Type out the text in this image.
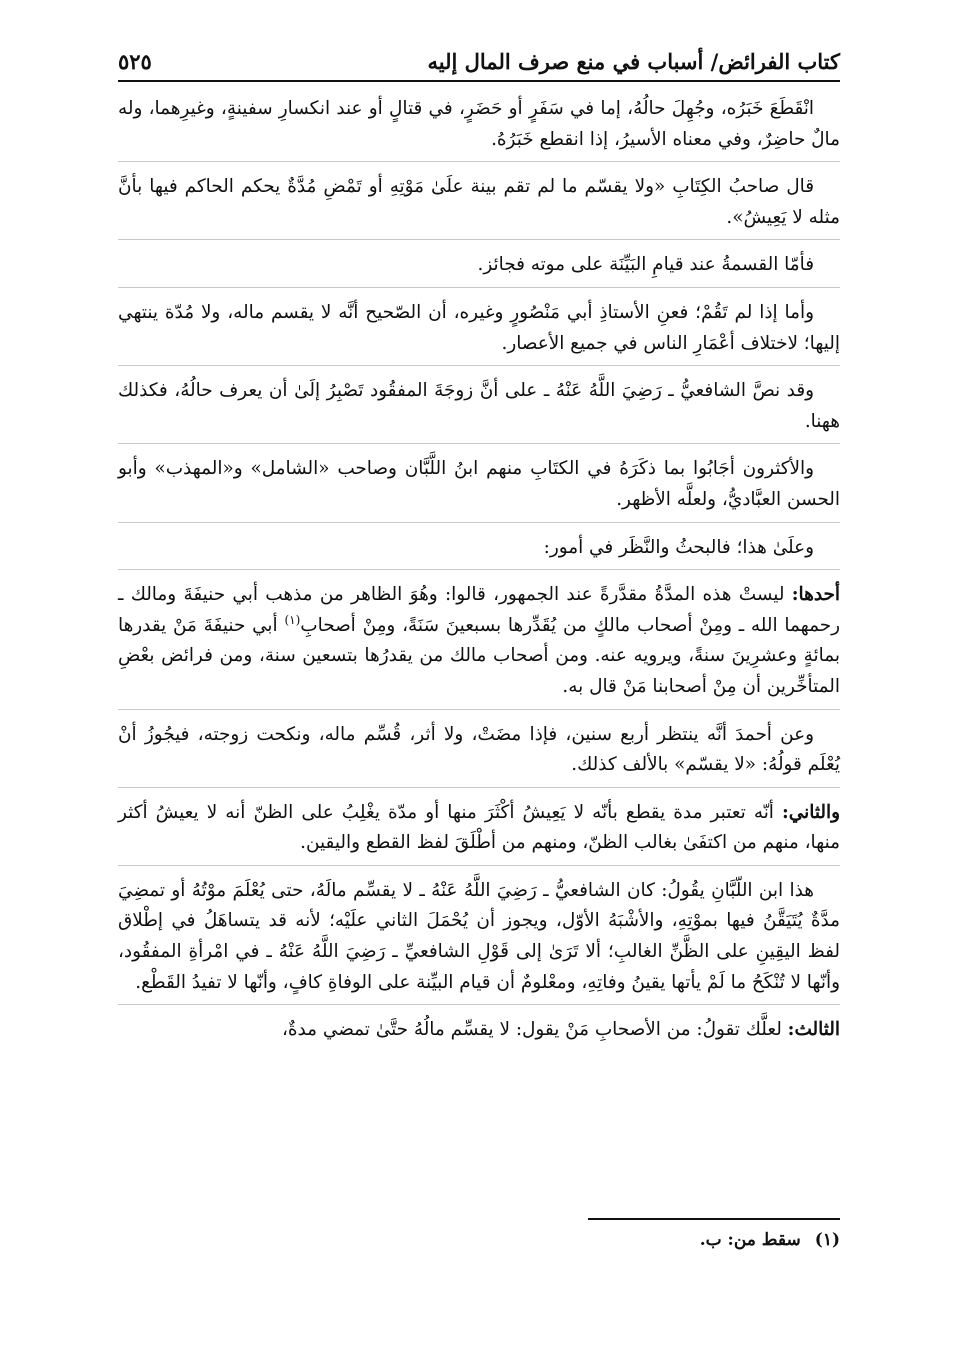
كتاب الفرائض/ أسباب في منع صرف المال إليه
٥٢٥

انْقَطَعَ خَبَرُه، وجُهِلَ حالُهُ، إما في سَفَرٍ أو حَضَرٍ، في قتالٍ أو عند انكسارِ سفينةٍ، وغيرِهما، وله مالٌ حاضِرٌ، وفي معناه الأسيرُ، إذا انقطع خَبَرُهُ.

قال صاحبُ الكِتَابِ «ولا يقسّم ما لم تقم بينة علَىٰ مَوْتِهِ أو تَمْضِ مُدَّةٌ يحكم الحاكم فيها بأنَّ مثله لا يَعِيشُ».

فأمّا القسمةُ عند قيامِ البَيِّنَة على موته فجائز.

وأما إذا لم تَقُمْ؛ فعنِ الأستاذِ أبي مَنْصُورٍ وغيره، أن الصّحيح أنَّه لا يقسم ماله، ولا مُدّة ينتهي إليها؛ لاختلاف أعْمَارِ الناس في جميع الأعصار.

وقد نصَّ الشافعيُّ ـ رَضِيَ اللَّهُ عَنْهُ ـ على أنَّ زوجَةَ المفقُود تَصْبِرُ إلَىٰ أن يعرف حالُهُ، فكذلك ههنا.

والأكثرون أجَابُوا بما ذكَرَهُ في الكتَابِ منهم ابنُ اللَّبَّان وصاحب «الشامل» و«المهذب» وأبو الحسن العبَّاديُّ، ولعلَّه الأظهر.

وعلَىٰ هذا؛ فالبحثُ والنَّظَر في أمور:

أحدها: ليستْ هذه المدَّةُ مقدَّرةً عند الجمهور، قالوا: وهُوَ الظاهر من مذهب أبي حنيفَةَ ومالك ـ رحمهما الله ـ ومِنْ أصحاب مالكٍ من يُقَدِّرها بسبعينَ سَنَةً، ومِنْ أصحابِ$^{(١)}$ أبي حنيفَةَ مَنْ يقدرها بمائةٍ وعشرِينَ سنةً، ويرويه عنه. ومن أصحاب مالك من يقدرُها بتسعين سنة، ومن فرائض بعْضِ المتأخِّرين أن مِنْ أصحابنا مَنْ قال به.

وعن أحمدَ أنَّه ينتظر أربع سنين، فإذا مضَتْ، ولا أثر، قُسِّم ماله، ونكحت زوجته، فيجُوزُ أنْ يُعْلَم قولُهُ: «لا يقسّم» بالألف كذلك.

والثاني: أنّه تعتبر مدة يقطع بأنّه لا يَعِيشُ أكْثَرَ منها أو مدّة يغْلِبُ على الظنّ أنه لا يعيشُ أكثر منها، منهم من اكتفَىٰ بغالب الظنّ، ومنهم من أطْلَقَ لفظ القطع واليقين.

هذا ابن اللّبَّانِ يقُولُ: كان الشافعيُّ ـ رَضِيَ اللَّهُ عَنْهُ ـ لا يقسِّم مالَهُ، حتى يُعْلَمَ موْتُهُ أو تمضِيَ مدَّةٌ يُتَيَقَّنُ فيها بموْتِهِ، والأشْبَهُ الأوّل، ويجوز أن يُحْمَلَ الثاني علَيْه؛ لأنه قد يتساهَلُ في إطْلاق لفظ اليقِينِ على الظَّنِّ الغالبِ؛ ألا تَرَىٰ إلى قَوْلِ الشافعيِّ ـ رَضِيَ اللَّهُ عَنْهُ ـ في امْرأةِ المفقُود، وأنّها لا تُنْكَحُ ما لَمْ يأتها يقينُ وفاتِهِ، ومعْلومٌ أن قيام البيِّنة على الوفاةِ كافٍ، وأنّها لا تفيدُ القَطْع.

الثالث: لعلَّك تقولُ: من الأصحابِ مَنْ يقول: لا يقسِّم مالُهُ حتَّىٰ تمضي مدةٌ،

(١)سقط من: ب.
